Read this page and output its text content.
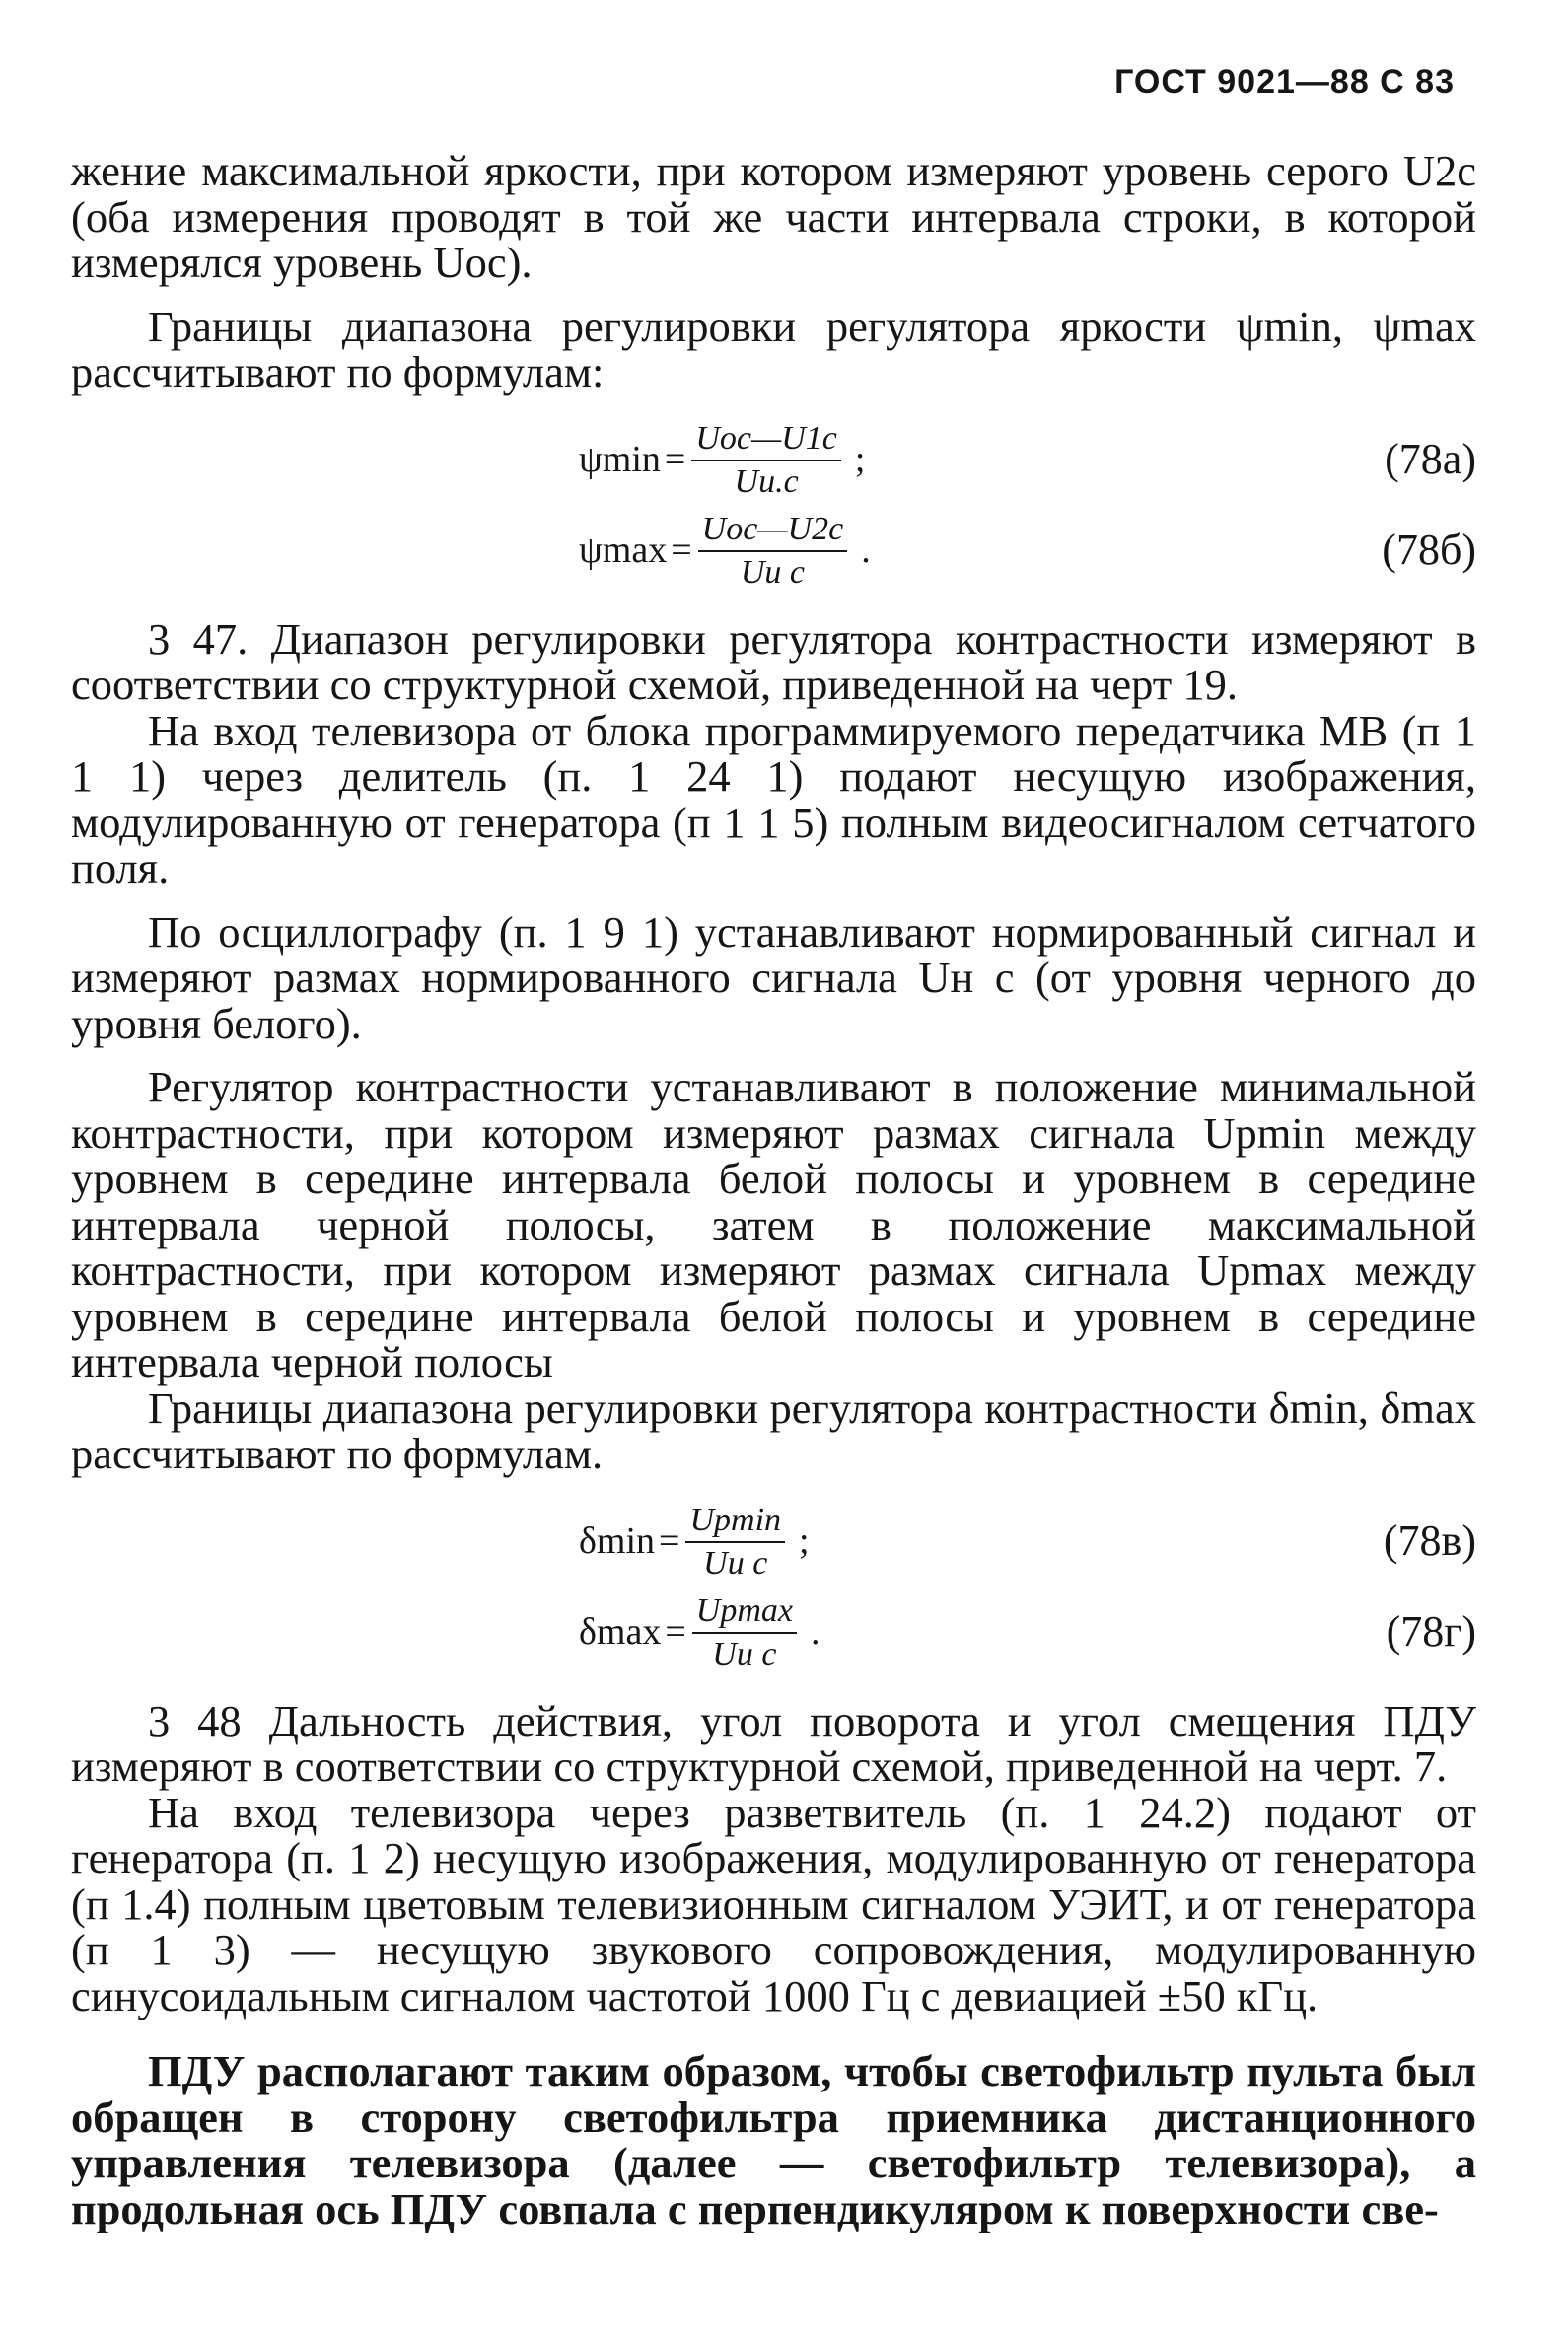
ГОСТ 9021—88 С 83

жение максимальной яркости, при котором измеряют уровень серого U2c (оба измерения проводят в той же части интервала строки, в которой измерялся уровень Uoc).

Границы диапазона регулировки регулятора яркости ψmin, ψmax рассчитывают по формулам:

$\psi\min = \frac{\text{Uoc—U1c}}{Uи.с}$ ;	(78а)
$\psi\max = \frac{\text{Uoc—U2c}}{\text{Uи с}}$ .	(78б)

3 47. Диапазон регулировки регулятора контрастности измеряют в соответствии со структурной схемой, приведенной на черт 19.

На вход телевизора от блока программируемого передатчика МВ (п 1 1 1) через делитель (п. 1 24 1) подают несущую изображения, модулированную от генератора (п 1 1 5) полным видеосигналом сетчатого поля.

По осциллографу (п. 1 9 1) устанавливают нормированный сигнал и измеряют размах нормированного сигнала Uн с (от уровня черного до уровня белого).

Регулятор контрастности устанавливают в положение минимальной контрастности, при котором измеряют размах сигнала Upmin между уровнем в середине интервала белой полосы и уровнем в середине интервала черной полосы, затем в положение максимальной контрастности, при котором измеряют размах сигнала Upmax между уровнем в середине интервала белой полосы и уровнем в середине интервала черной полосы

Границы диапазона регулировки регулятора контрастности δmin, δmax рассчитывают по формулам.

$\delta\min = \frac{Upmin}{\text{Uи с}}$ ;	(78в)
$\delta\max = \frac{Upmax}{\text{Uи с}}$ .	(78г)

3 48 Дальность действия, угол поворота и угол смещения ПДУ измеряют в соответствии со структурной схемой, приведенной на черт. 7.

На вход телевизора через разветвитель (п. 1 24.2) подают от генератора (п. 1 2) несущую изображения, модулированную от генератора (п 1.4) полным цветовым телевизионным сигналом УЭИТ, и от генератора (п 1 3) — несущую звукового сопровождения, модулированную синусоидальным сигналом частотой 1000 Гц с девиацией ±50 кГц.

ПДУ располагают таким образом, чтобы светофильтр пульта был обращен в сторону светофильтра приемника дистанционного управления телевизора (далее — светофильтр телевизора), а продольная ось ПДУ совпала с перпендикуляром к поверхности све-
